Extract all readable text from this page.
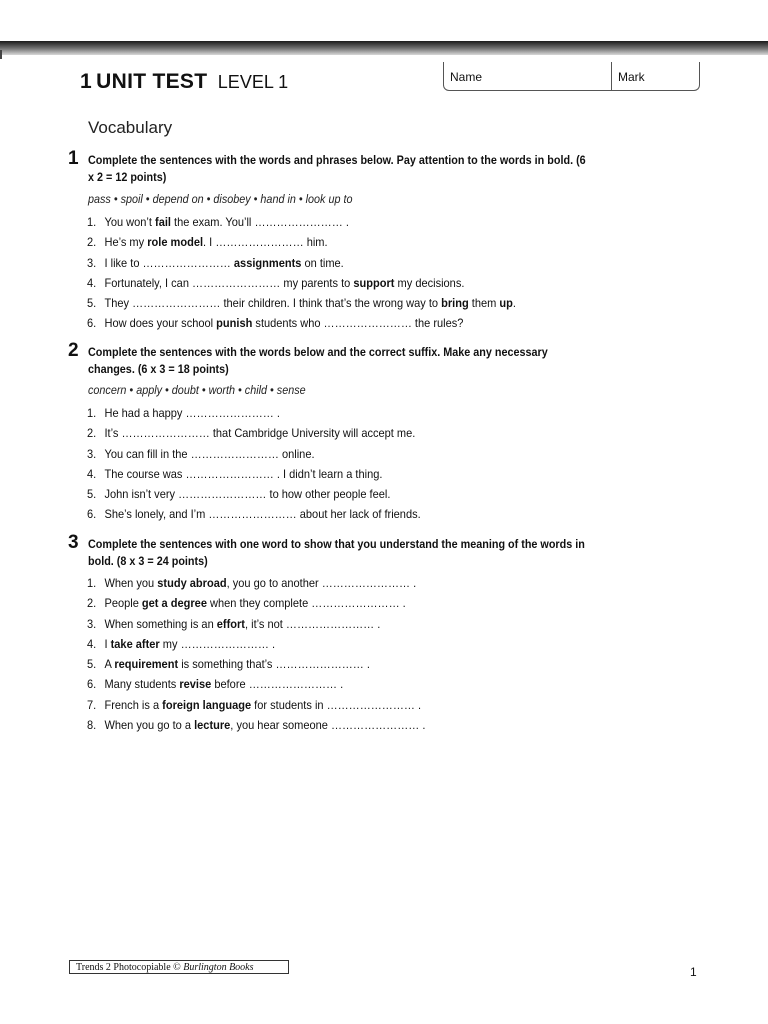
1 UNIT TEST LEVEL 1	Name	Mark
Vocabulary
1 Complete the sentences with the words and phrases below. Pay attention to the words in bold. (6 x 2 = 12 points)
pass • spoil • depend on • disobey • hand in • look up to
1. You won’t fail the exam. You’ll …………………… .
2. He’s my role model. I …………………… him.
3. I like to …………………… assignments on time.
4. Fortunately, I can …………………… my parents to support my decisions.
5. They …………………… their children. I think that’s the wrong way to bring them up.
6. How does your school punish students who …………………… the rules?
2 Complete the sentences with the words below and the correct suffix. Make any necessary changes. (6 x 3 = 18 points)
concern • apply • doubt • worth • child • sense
1. He had a happy …………………… .
2. It’s …………………… that Cambridge University will accept me.
3. You can fill in the …………………… online.
4. The course was …………………… . I didn’t learn a thing.
5. John isn’t very …………………… to how other people feel.
6. She’s lonely, and I’m …………………… about her lack of friends.
3 Complete the sentences with one word to show that you understand the meaning of the words in bold. (8 x 3 = 24 points)
1. When you study abroad, you go to another …………………… .
2. People get a degree when they complete …………………… .
3. When something is an effort, it’s not …………………… .
4. I take after my …………………… .
5. A requirement is something that’s …………………… .
6. Many students revise before …………………… .
7. French is a foreign language for students in …………………… .
8. When you go to a lecture, you hear someone …………………… .
Trends 2 Photocopiable © Burlington Books	1
